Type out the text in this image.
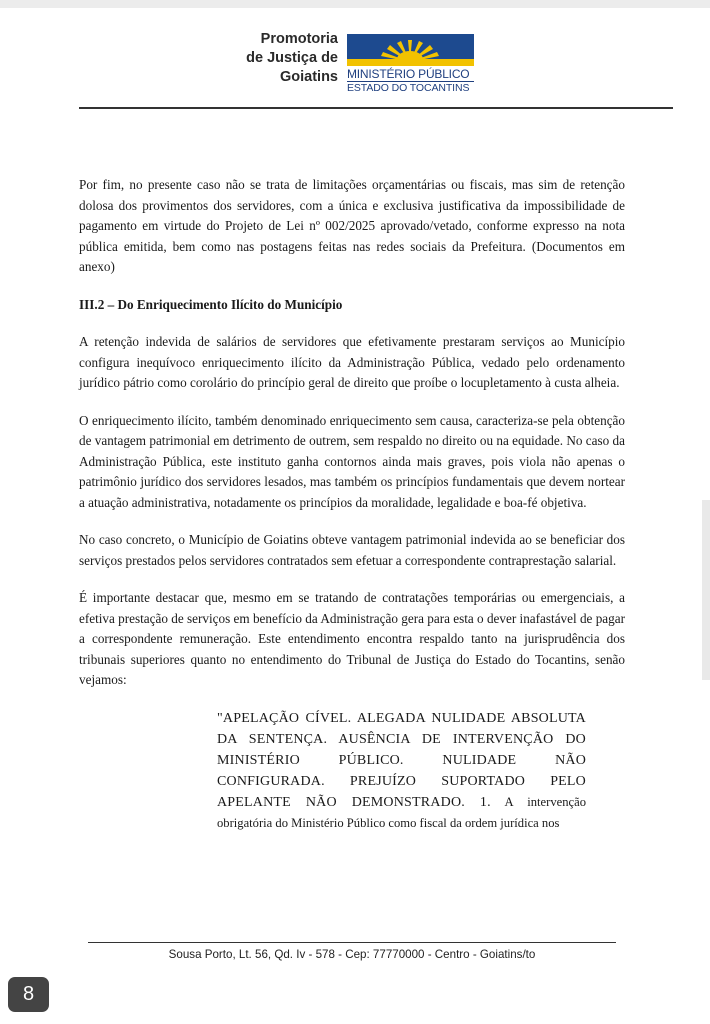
Promotoria
de Justiça de
Goiatins MINISTÉRIO PÚBLICO
ESTADO DO TOCANTINS

Por fim, no presente caso não se trata de limitações orçamentárias ou fiscais, mas sim de retenção dolosa dos provimentos dos servidores, com a única e exclusiva justificativa da impossibilidade de pagamento em virtude do Projeto de Lei nº 002/2025 aprovado/vetado, conforme expresso na nota pública emitida, bem como nas postagens feitas nas redes sociais da Prefeitura. (Documentos em anexo)

III.2 – Do Enriquecimento Ilícito do Município

A retenção indevida de salários de servidores que efetivamente prestaram serviços ao Município configura inequívoco enriquecimento ilícito da Administração Pública, vedado pelo ordenamento jurídico pátrio como corolário do princípio geral de direito que proíbe o locupletamento à custa alheia.

O enriquecimento ilícito, também denominado enriquecimento sem causa, caracteriza-se pela obtenção de vantagem patrimonial em detrimento de outrem, sem respaldo no direito ou na equidade. No caso da Administração Pública, este instituto ganha contornos ainda mais graves, pois viola não apenas o patrimônio jurídico dos servidores lesados, mas também os princípios fundamentais que devem nortear a atuação administrativa, notadamente os princípios da moralidade, legalidade e boa-fé objetiva.

No caso concreto, o Município de Goiatins obteve vantagem patrimonial indevida ao se beneficiar dos serviços prestados pelos servidores contratados sem efetuar a correspondente contraprestação salarial.

É importante destacar que, mesmo em se tratando de contratações temporárias ou emergenciais, a efetiva prestação de serviços em benefício da Administração gera para esta o dever inafastável de pagar a correspondente remuneração. Este entendimento encontra respaldo tanto na jurisprudência dos tribunais superiores quanto no entendimento do Tribunal de Justiça do Estado do Tocantins, senão vejamos:

"APELAÇÃO CÍVEL. ALEGADA NULIDADE ABSOLUTA DA SENTENÇA. AUSÊNCIA DE INTERVENÇÃO DO MINISTÉRIO PÚBLICO. NULIDADE NÃO CONFIGURADA. PREJUÍZO SUPORTADO PELO APELANTE NÃO DEMONSTRADO. 1. A intervenção obrigatória do Ministério Público como fiscal da ordem jurídica nos

Sousa Porto, Lt. 56, Qd. Iv - 578 - Cep: 77770000 - Centro - Goiatins/to
8
